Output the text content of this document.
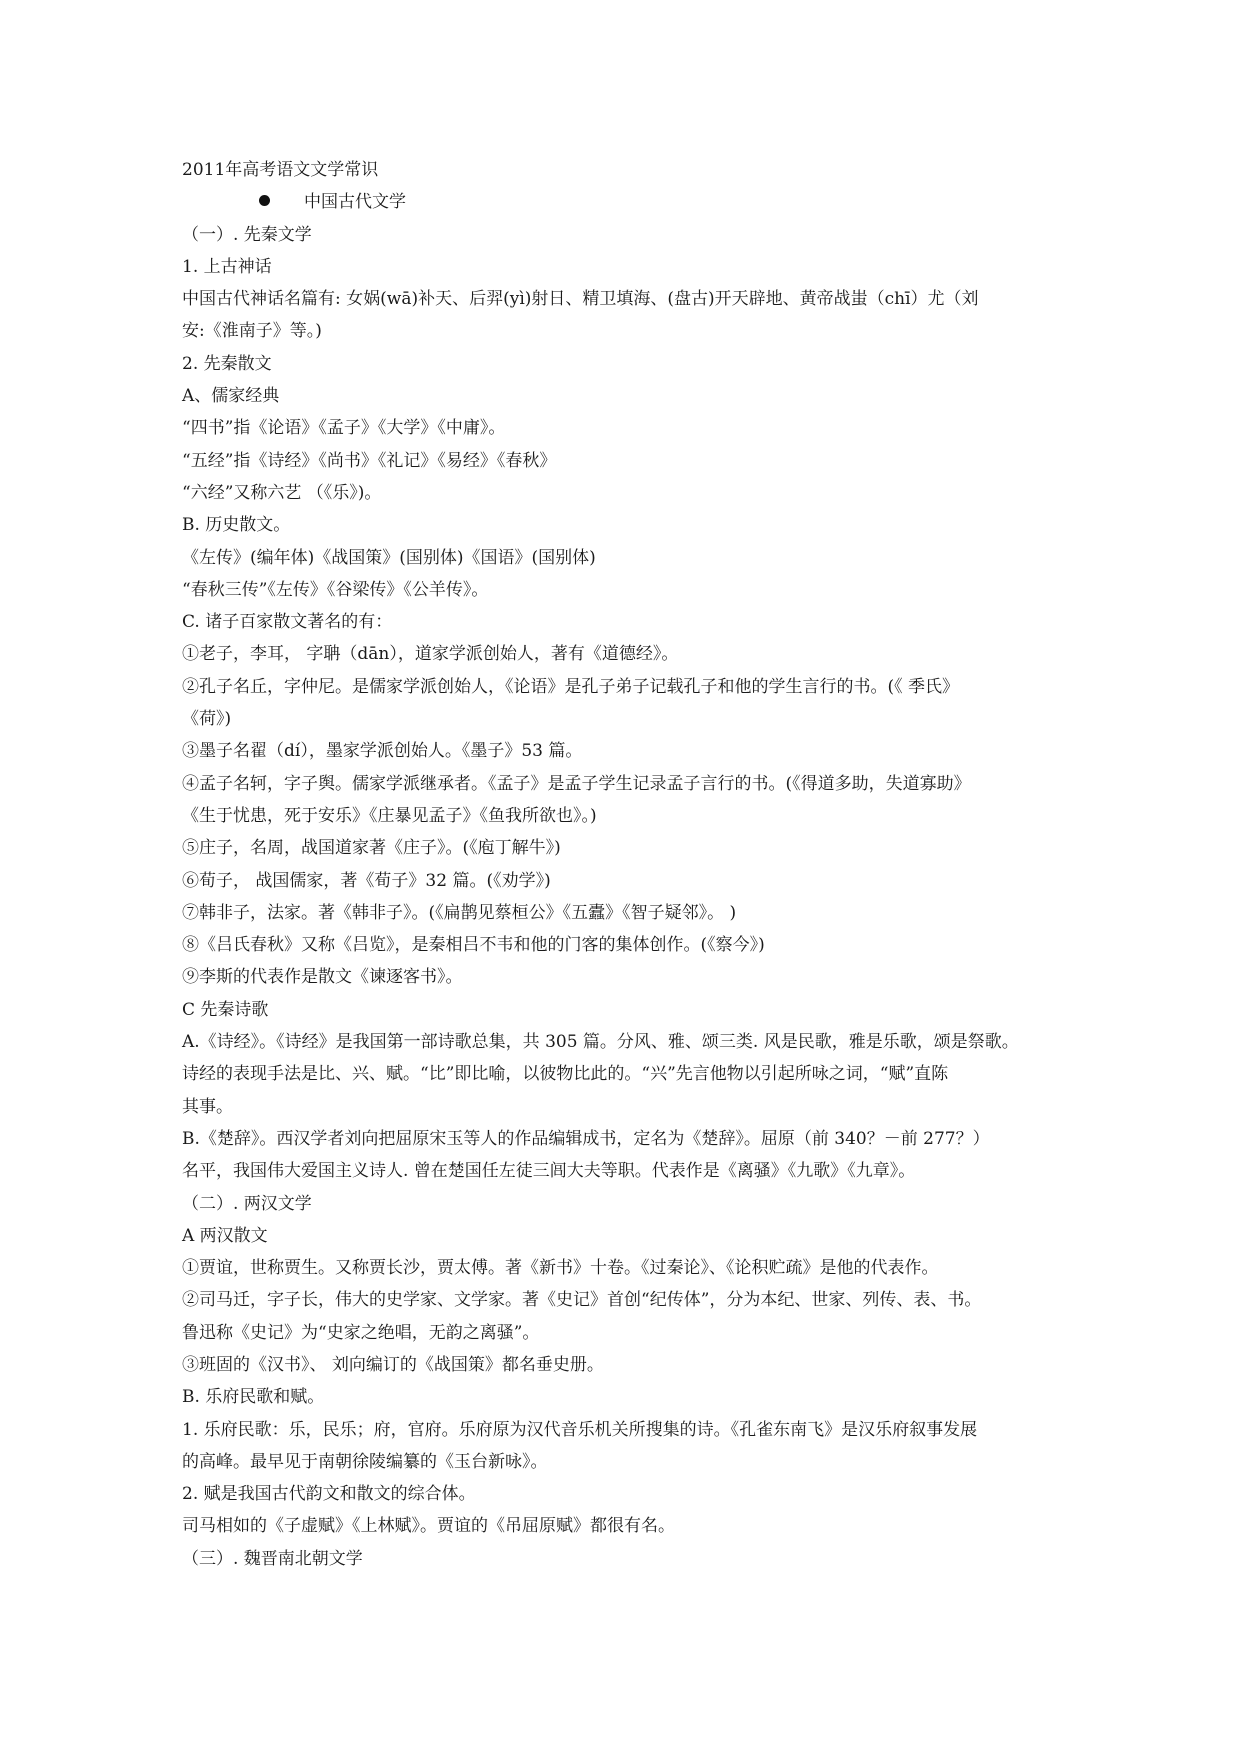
2011年高考语文文学常识
中国古代文学
（一）. 先秦文学
1. 上古神话
中国古代神话名篇有: 女娲(wā)补天、后羿(yì)射日、精卫填海、(盘古)开天辟地、黄帝战蚩（chī）尤（刘
安:《淮南子》等。)
2. 先秦散文
A、儒家经典
“四书”指《论语》《孟子》《大学》《中庸》。
“五经”指《诗经》《尚书》《礼记》《易经》《春秋》
“六经”又称六艺 （《乐》)。
B. 历史散文。
《左传》(编年体)《战国策》(国别体)《国语》(国别体)
“春秋三传”《左传》《谷梁传》《公羊传》。
C. 诸子百家散文著名的有：
①老子，李耳， 字聃（dān），道家学派创始人，著有《道德经》。
②孔子名丘，字仲尼。是儒家学派创始人，《论语》是孔子弟子记载孔子和他的学生言行的书。(《 季氏》
《荷》)
③墨子名翟（dí），墨家学派创始人。《墨子》53 篇。
④孟子名轲，字子舆。儒家学派继承者。《孟子》是孟子学生记录孟子言行的书。(《得道多助，失道寡助》
《生于忧患，死于安乐》《庄暴见孟子》《鱼我所欲也》。)
⑤庄子，名周，战国道家著《庄子》。(《庖丁解牛》)
⑥荀子， 战国儒家，著《荀子》32 篇。(《劝学》)
⑦韩非子，法家。著《韩非子》。(《扁鹊见蔡桓公》《五蠹》《智子疑邻》。 )
⑧《吕氏春秋》又称《吕览》，是秦相吕不韦和他的门客的集体创作。(《察今》)
⑨李斯的代表作是散文《谏逐客书》。
C 先秦诗歌
A.《诗经》。《诗经》是我国第一部诗歌总集，共 305 篇。分风、雅、颂三类. 风是民歌，雅是乐歌，颂是祭歌。
诗经的表现手法是比、兴、赋。“比”即比喻，以彼物比此的。“兴”先言他物以引起所咏之词，“赋”直陈
其事。
B.《楚辞》。西汉学者刘向把屈原宋玉等人的作品编辑成书，定名为《楚辞》。屈原（前 340？－前 277？）
名平，我国伟大爱国主义诗人. 曾在楚国任左徒三闾大夫等职。代表作是《离骚》《九歌》《九章》。
（二）. 两汉文学
A 两汉散文
①贾谊，世称贾生。又称贾长沙，贾太傅。著《新书》十卷。《过秦论》、《论积贮疏》是他的代表作。
②司马迁，字子长，伟大的史学家、文学家。著《史记》首创“纪传体”，分为本纪、世家、列传、表、书。
鲁迅称《史记》为“史家之绝唱，无韵之离骚”。
③班固的《汉书》、 刘向编订的《战国策》都名垂史册。
B. 乐府民歌和赋。
1. 乐府民歌：乐，民乐；府，官府。乐府原为汉代音乐机关所搜集的诗。《孔雀东南飞》是汉乐府叙事发展
的高峰。最早见于南朝徐陵编纂的《玉台新咏》。
2. 赋是我国古代韵文和散文的综合体。
司马相如的《子虚赋》《上林赋》。贾谊的《吊屈原赋》都很有名。
（三）. 魏晋南北朝文学
